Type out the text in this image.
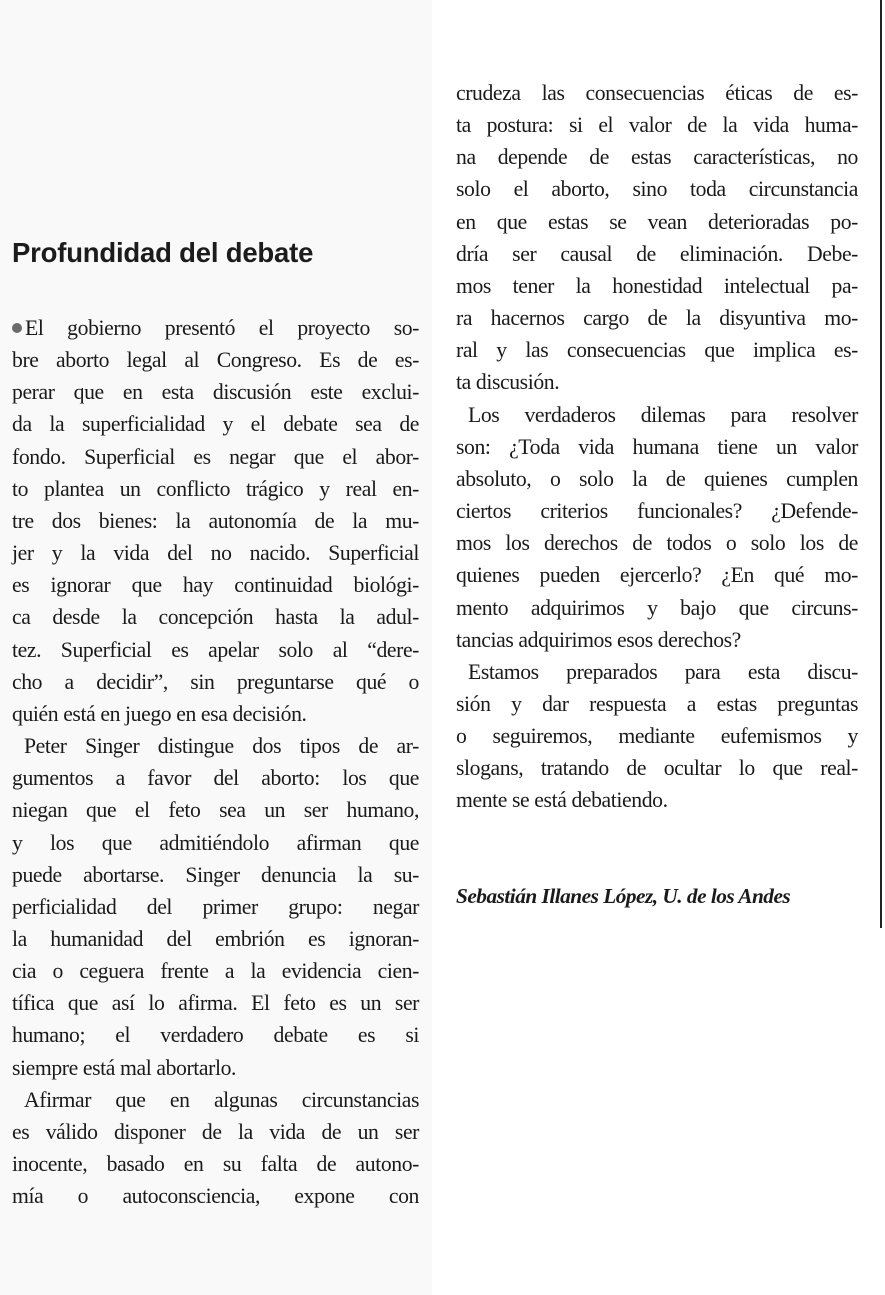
Profundidad del debate
El gobierno presentó el proyecto so-
bre aborto legal al Congreso. Es de es-
perar que en esta discusión este exclui-
da la superficialidad y el debate sea de
fondo. Superficial es negar que el abor-
to plantea un conflicto trágico y real en-
tre dos bienes: la autonomía de la mu-
jer y la vida del no nacido. Superficial
es ignorar que hay continuidad biológi-
ca desde la concepción hasta la adul-
tez. Superficial es apelar solo al “dere-
cho a decidir”, sin preguntarse qué o
quién está en juego en esa decisión.
Peter Singer distingue dos tipos de ar-
gumentos a favor del aborto: los que
niegan que el feto sea un ser humano,
y los que admitiéndolo afirman que
puede abortarse. Singer denuncia la su-
perficialidad del primer grupo: negar
la humanidad del embrión es ignoran-
cia o ceguera frente a la evidencia cien-
tífica que así lo afirma. El feto es un ser
humano; el verdadero debate es si
siempre está mal abortarlo.
Afirmar que en algunas circunstancias
es válido disponer de la vida de un ser
inocente, basado en su falta de autono-
mía o autoconsciencia, expone con
crudeza las consecuencias éticas de es-
ta postura: si el valor de la vida huma-
na depende de estas características, no
solo el aborto, sino toda circunstancia
en que estas se vean deterioradas po-
dría ser causal de eliminación. Debe-
mos tener la honestidad intelectual pa-
ra hacernos cargo de la disyuntiva mo-
ral y las consecuencias que implica es-
ta discusión.
Los verdaderos dilemas para resolver
son: ¿Toda vida humana tiene un valor
absoluto, o solo la de quienes cumplen
ciertos criterios funcionales? ¿Defende-
mos los derechos de todos o solo los de
quienes pueden ejercerlo? ¿En qué mo-
mento adquirimos y bajo que circuns-
tancias adquirimos esos derechos?
Estamos preparados para esta discu-
sión y dar respuesta a estas preguntas
o seguiremos, mediante eufemismos y
slogans, tratando de ocultar lo que real-
mente se está debatiendo.
Sebastián Illanes López, U. de los Andes
